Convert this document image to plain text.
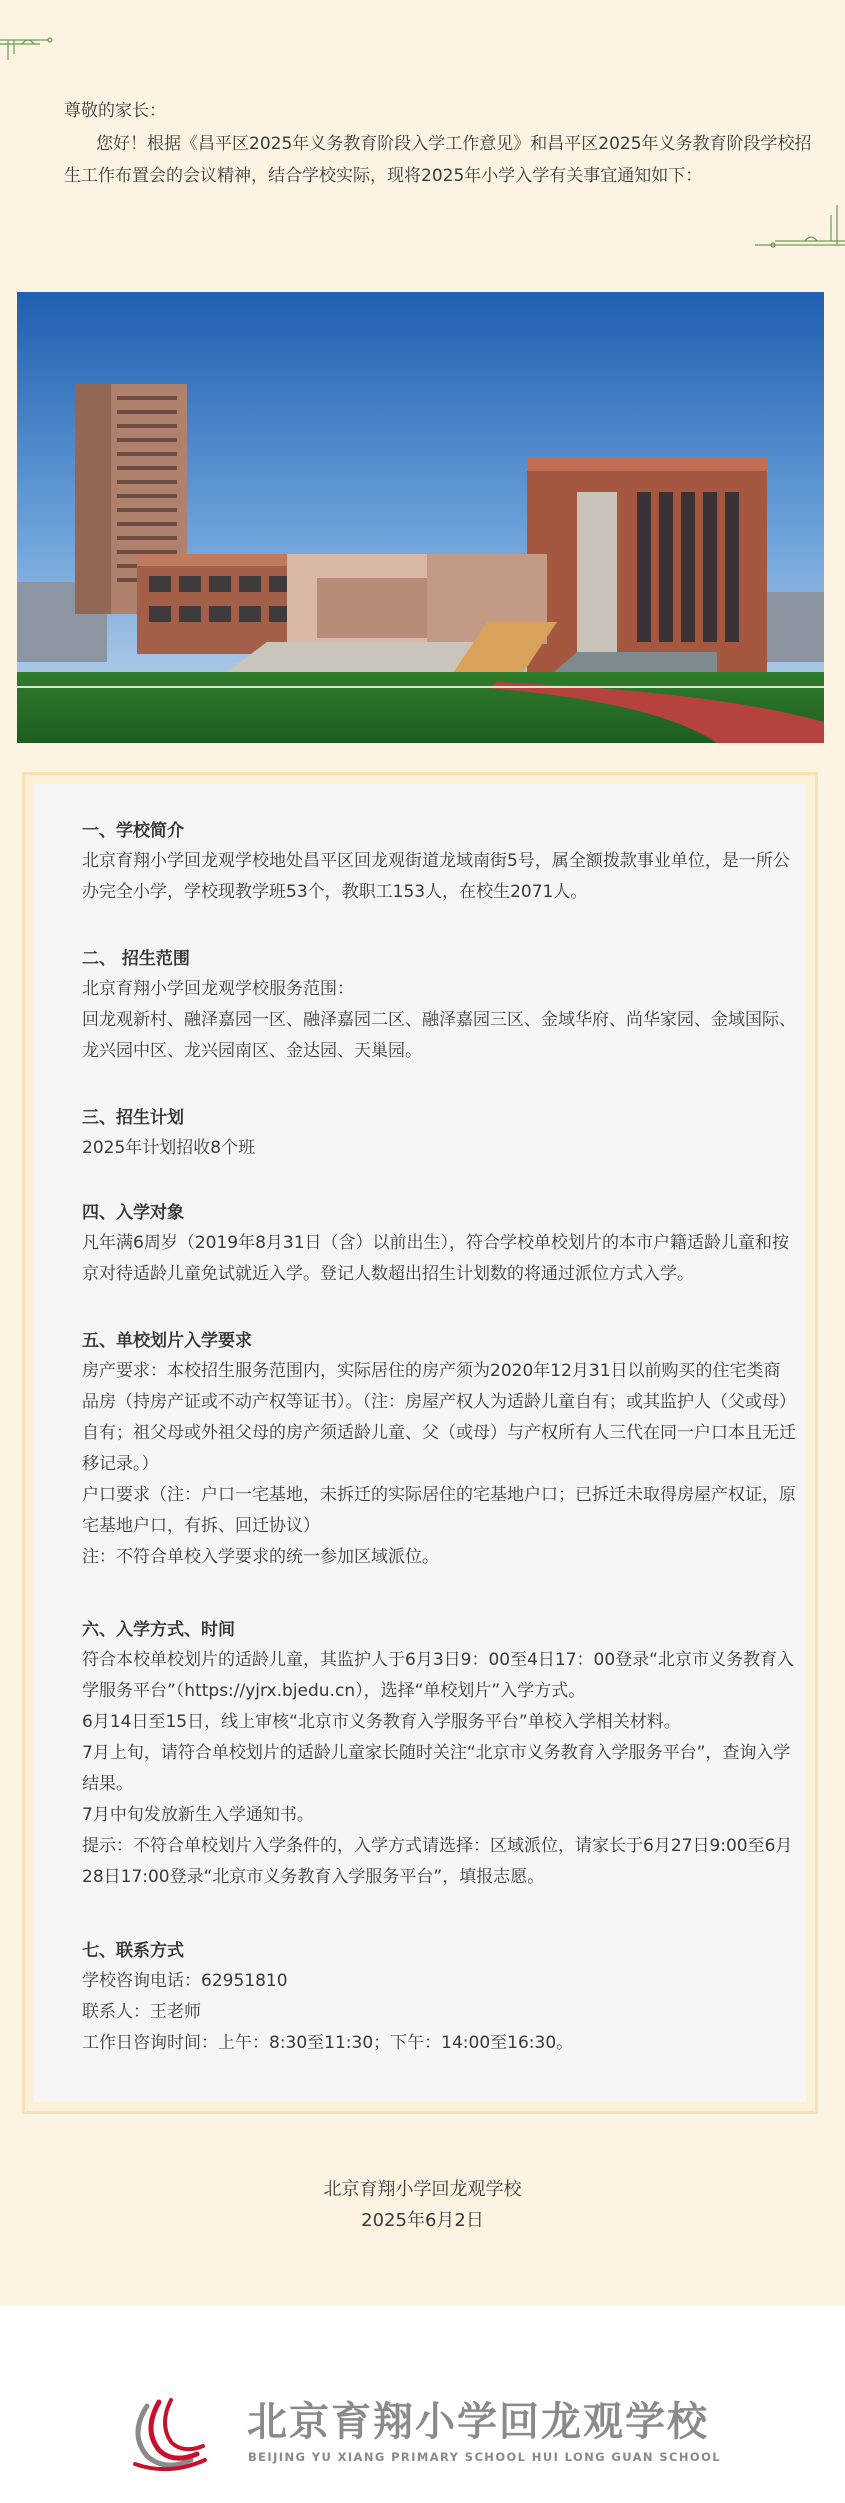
尊敬的家长：

您好！根据《昌平区2025年义务教育阶段入学工作意见》和昌平区2025年义务教育阶段学校招生工作布置会的会议精神，结合学校实际，现将2025年小学入学有关事宜通知如下：

一、学校简介

北京育翔小学回龙观学校地处昌平区回龙观街道龙域南街5号，属全额拨款事业单位，是一所公办完全小学，学校现教学班53个，教职工153人，在校生2071人。

二、 招生范围

北京育翔小学回龙观学校服务范围：

回龙观新村、融泽嘉园一区、融泽嘉园二区、融泽嘉园三区、金域华府、尚华家园、金域国际、龙兴园中区、龙兴园南区、金达园、天巢园。

三、招生计划

2025年计划招收8个班

四、入学对象

凡年满6周岁（2019年8月31日（含）以前出生），符合学校单校划片的本市户籍适龄儿童和按京对待适龄儿童免试就近入学。登记人数超出招生计划数的将通过派位方式入学。

五、单校划片入学要求

房产要求：本校招生服务范围内，实际居住的房产须为2020年12月31日以前购买的住宅类商品房（持房产证或不动产权等证书）。（注：房屋产权人为适龄儿童自有；或其监护人（父或母）自有；祖父母或外祖父母的房产须适龄儿童、父（或母）与产权所有人三代在同一户口本且无迁移记录。）

户口要求（注：户口一宅基地，未拆迁的实际居住的宅基地户口；已拆迁未取得房屋产权证，原宅基地户口，有拆、回迁协议）

注：不符合单校入学要求的统一参加区域派位。

六、入学方式、时间

符合本校单校划片的适龄儿童，其监护人于6月3日9：00至4日17：00登录“北京市义务教育入学服务平台”（https://yjrx.bjedu.cn），选择“单校划片”入学方式。

6月14日至15日，线上审核“北京市义务教育入学服务平台”单校入学相关材料。

7月上旬，请符合单校划片的适龄儿童家长随时关注“北京市义务教育入学服务平台”，查询入学结果。

7月中旬发放新生入学通知书。

提示：不符合单校划片入学条件的，入学方式请选择：区域派位，请家长于6月27日9:00至6月28日17:00登录“北京市义务教育入学服务平台”，填报志愿。

七、联系方式

学校咨询电话：62951810

联系人：王老师

工作日咨询时间：上午：8:30至11:30；下午：14:00至16:30。

北京育翔小学回龙观学校
2025年6月2日
北京育翔小学回龙观学校
BEIJING YU XIANG PRIMARY SCHOOL HUI LONG GUAN SCHOOL
